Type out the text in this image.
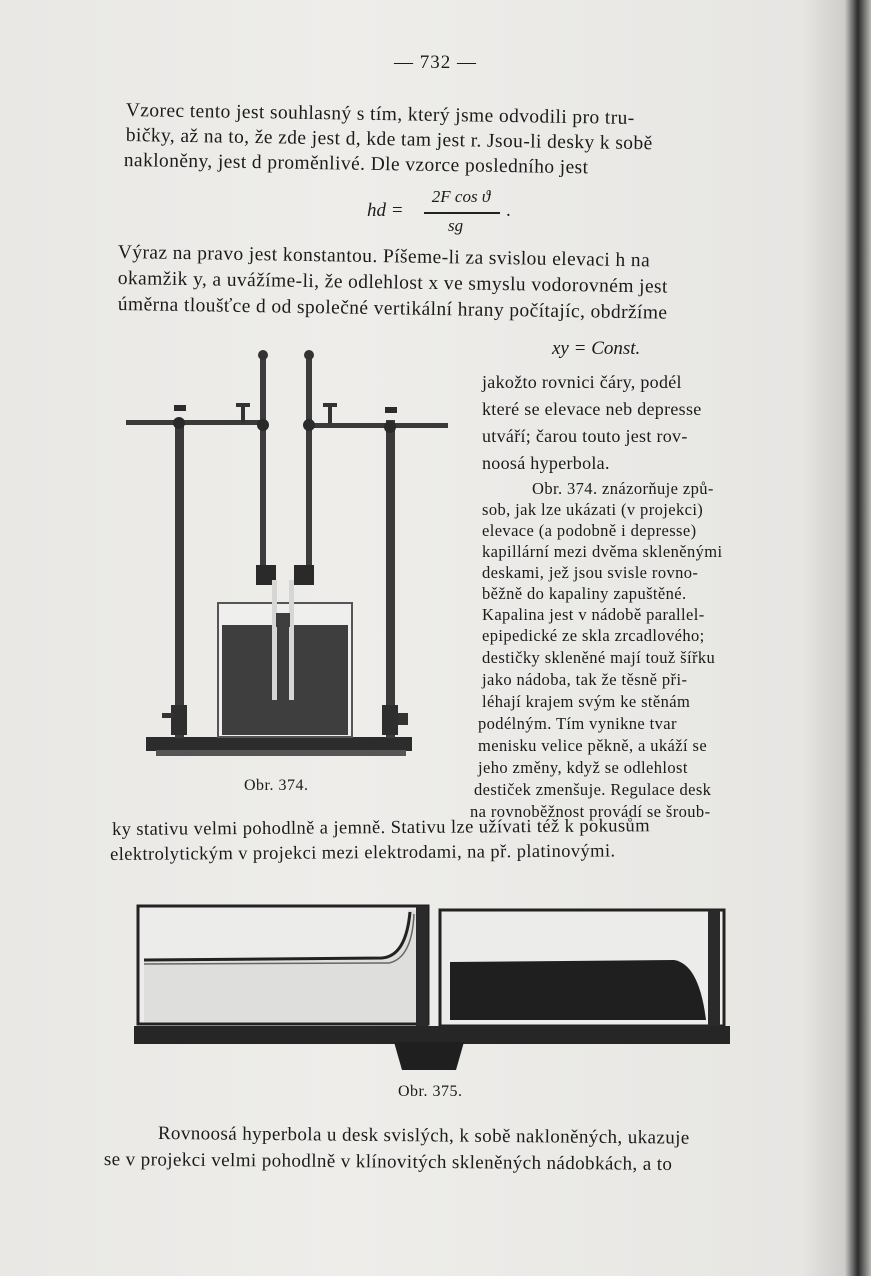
— 732 —
Vzorec tento jest souhlasný s tím, který jsme odvodili pro tru-
bičky, až na to, že zde jest d, kde tam jest r. Jsou-li desky k sobě
nakloněny, jest d proměnlivé. Dle vzorce posledního jest
hd =
2F cos ϑ
sg
.
Výraz na pravo jest konstantou. Píšeme-li za svislou elevaci h na
okamžik y, a uvážíme-li, že odlehlost x ve smyslu vodorovném jest
úměrna tloušťce d od společné vertikální hrany počítajíc, obdržíme
xy = Const.
jakožto rovnici čáry, podél
které se elevace neb depresse
utváří; čarou touto jest rov-
noosá hyperbola.
Obr. 374. znázorňuje způ-
sob, jak lze ukázati (v projekci)
elevace (a podobně i depresse)
kapillární mezi dvěma skleněnými
deskami, jež jsou svisle rovno-
běžně do kapaliny zapuštěné.
Kapalina jest v nádobě parallel-
epipedické ze skla zrcadlového;
destičky skleněné mají touž šířku
jako nádoba, tak že těsně při-
léhají krajem svým ke stěnám
podélným. Tím vynikne tvar
menisku velice pěkně, a ukáží se
jeho změny, když se odlehlost
destiček zmenšuje. Regulace desk
na rovnoběžnost provádí se šroub-
ky stativu velmi pohodlně a jemně. Stativu lze užívati též k pokusům
elektrolytickým v projekci mezi elektrodami, na př. platinovými.
Obr. 374.
Obr. 375.
Rovnoosá hyperbola u desk svislých, k sobě nakloněných, ukazuje
se v projekci velmi pohodlně v klínovitých skleněných nádobkách, a to
